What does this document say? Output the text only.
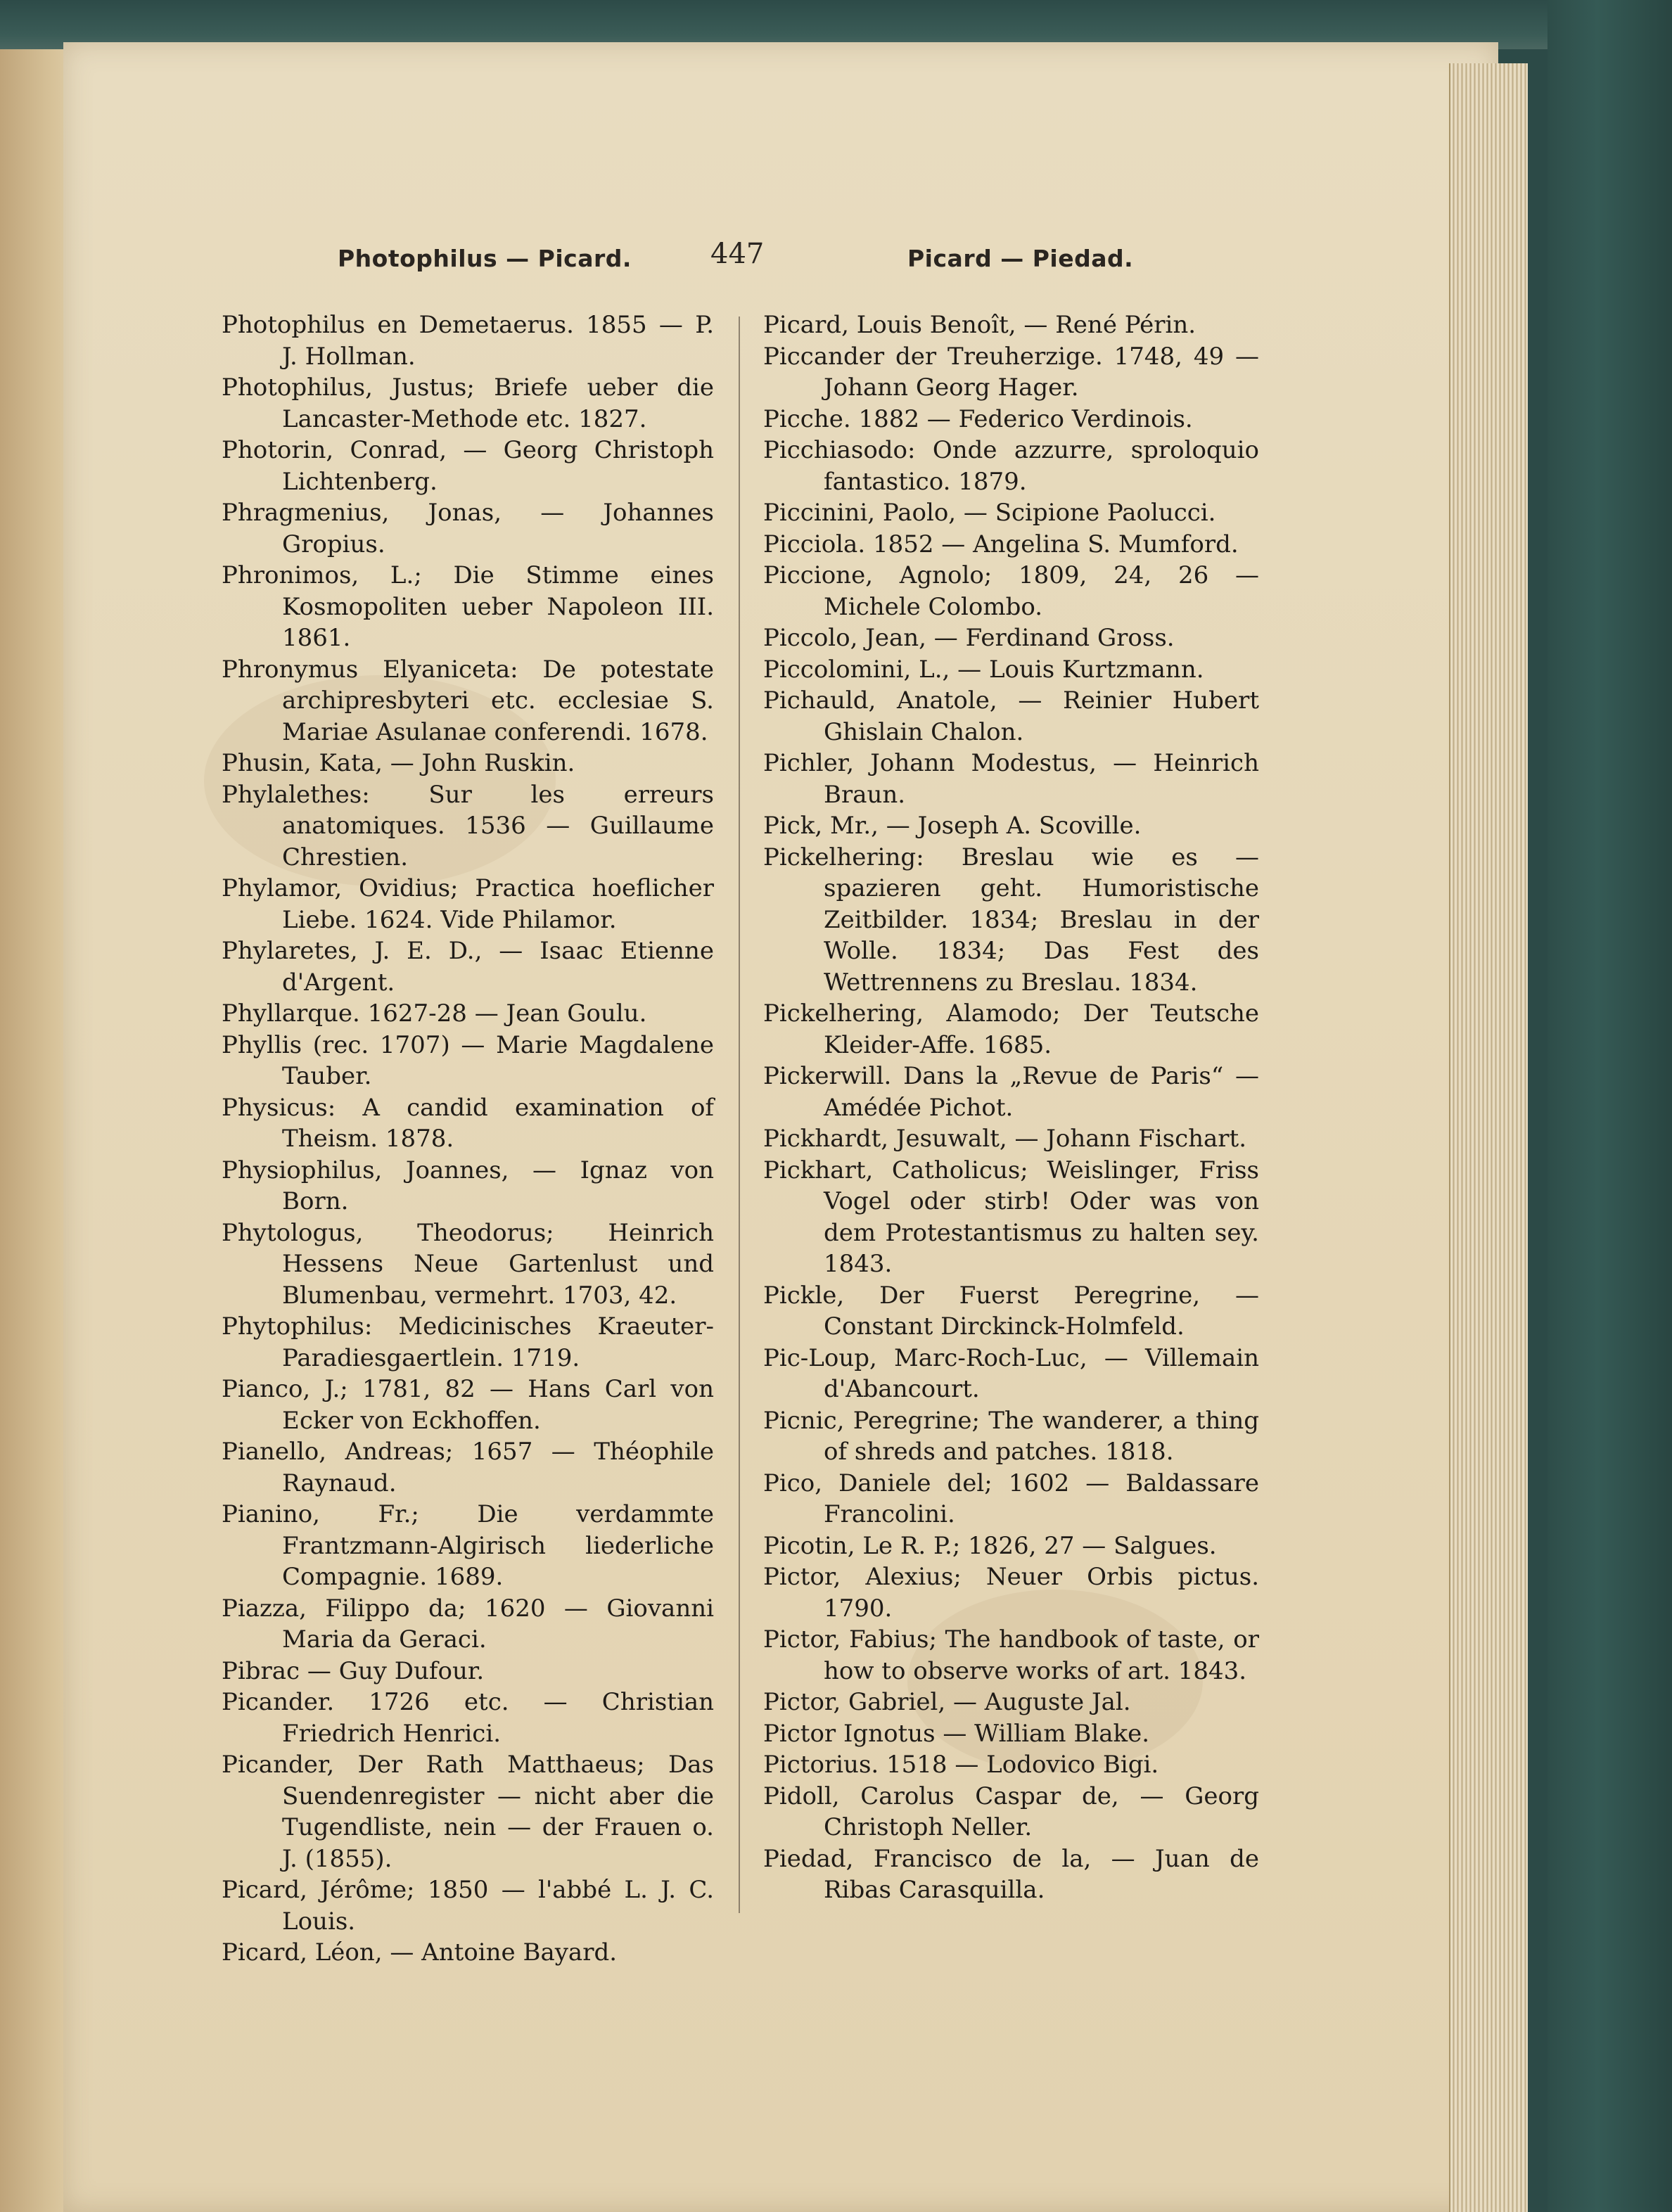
Photophilus — Picard.	447	Picard — Piedad.

Photophilus en Demetaerus. 1855 — P. J. Hollman.

Photophilus, Justus; Briefe ueber die Lancaster-Methode etc. 1827.

Photorin, Conrad, — Georg Christoph Lichtenberg.

Phragmenius, Jonas, — Johannes Gropius.

Phronimos, L.; Die Stimme eines Kosmopoliten ueber Napoleon III. 1861.

Phronymus Elyaniceta: De potestate archipresbyteri etc. ecclesiae S. Mariae Asulanae conferendi. 1678.

Phusin, Kata, — John Ruskin.

Phylalethes: Sur les erreurs anatomiques. 1536 — Guillaume Chrestien.

Phylamor, Ovidius; Practica hoeflicher Liebe. 1624. Vide Philamor.

Phylaretes, J. E. D., — Isaac Etienne d'Argent.

Phyllarque. 1627-28 — Jean Goulu.

Phyllis (rec. 1707) — Marie Magdalene Tauber.

Physicus: A candid examination of Theism. 1878.

Physiophilus, Joannes, — Ignaz von Born.

Phytologus, Theodorus; Heinrich Hessens Neue Gartenlust und Blumenbau, vermehrt. 1703, 42.

Phytophilus: Medicinisches Kraeuter-Paradiesgaertlein. 1719.

Pianco, J.; 1781, 82 — Hans Carl von Ecker von Eckhoffen.

Pianello, Andreas; 1657 — Théophile Raynaud.

Pianino, Fr.; Die verdammte Frantzmann-Algirisch liederliche Compagnie. 1689.

Piazza, Filippo da; 1620 — Giovanni Maria da Geraci.

Pibrac — Guy Dufour.

Picander. 1726 etc. — Christian Friedrich Henrici.

Picander, Der Rath Matthaeus; Das Suendenregister — nicht aber die Tugendliste, nein — der Frauen o. J. (1855).

Picard, Jérôme; 1850 — l'abbé L. J. C. Louis.

Picard, Léon, — Antoine Bayard.

Picard, Louis Benoît, — René Périn.

Piccander der Treuherzige. 1748, 49 — Johann Georg Hager.

Picche. 1882 — Federico Verdinois.

Picchiasodo: Onde azzurre, sproloquio fantastico. 1879.

Piccinini, Paolo, — Scipione Paolucci.

Picciola. 1852 — Angelina S. Mumford.

Piccione, Agnolo; 1809, 24, 26 — Michele Colombo.

Piccolo, Jean, — Ferdinand Gross.

Piccolomini, L., — Louis Kurtzmann.

Pichauld, Anatole, — Reinier Hubert Ghislain Chalon.

Pichler, Johann Modestus, — Heinrich Braun.

Pick, Mr., — Joseph A. Scoville.

Pickelhering: Breslau wie es — spazieren geht. Humoristische Zeitbilder. 1834; Breslau in der Wolle. 1834; Das Fest des Wettrennens zu Breslau. 1834.

Pickelhering, Alamodo; Der Teutsche Kleider-Affe. 1685.

Pickerwill. Dans la „Revue de Paris“ — Amédée Pichot.

Pickhardt, Jesuwalt, — Johann Fischart.

Pickhart, Catholicus; Weislinger, Friss Vogel oder stirb! Oder was von dem Protestantismus zu halten sey. 1843.

Pickle, Der Fuerst Peregrine, — Constant Dirckinck-Holmfeld.

Pic-Loup, Marc-Roch-Luc, — Villemain d'Abancourt.

Picnic, Peregrine; The wanderer, a thing of shreds and patches. 1818.

Pico, Daniele del; 1602 — Baldassare Francolini.

Picotin, Le R. P.; 1826, 27 — Salgues.

Pictor, Alexius; Neuer Orbis pictus. 1790.

Pictor, Fabius; The handbook of taste, or how to observe works of art. 1843.

Pictor, Gabriel, — Auguste Jal.

Pictor Ignotus — William Blake.

Pictorius. 1518 — Lodovico Bigi.

Pidoll, Carolus Caspar de, — Georg Christoph Neller.

Piedad, Francisco de la, — Juan de Ribas Carasquilla.
